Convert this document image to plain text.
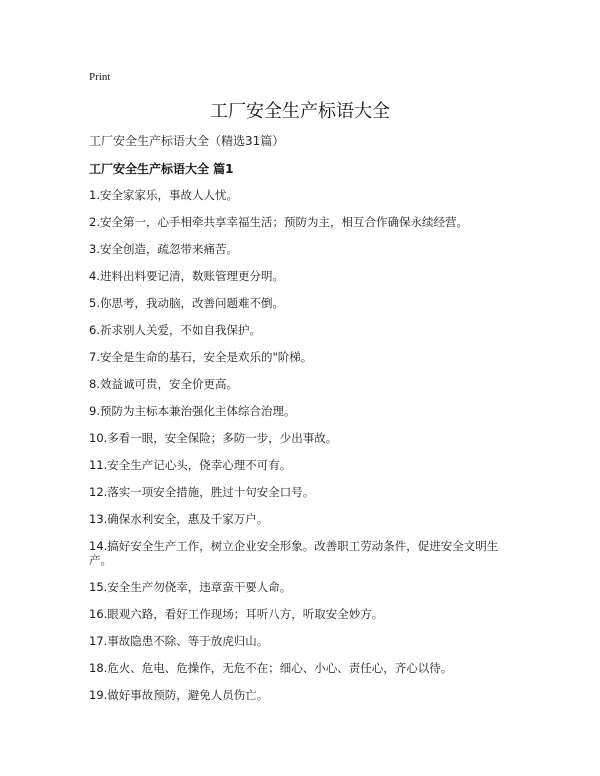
Print
工厂安全生产标语大全
工厂安全生产标语大全（精选31篇）
工厂安全生产标语大全 篇1
1.安全家家乐，事故人人忧。
2.安全第一，心手相牵共享幸福生活；预防为主，相互合作确保永续经营。
3.安全创造，疏忽带来痛苦。
4.进料出料要记清，数账管理更分明。
5.你思考，我动脑，改善问题难不倒。
6.祈求别人关爱，不如自我保护。
7.安全是生命的基石，安全是欢乐的"阶梯。
8.效益诚可贵，安全价更高。
9.预防为主标本兼治强化主体综合治理。
10.多看一眼，安全保险；多防一步，少出事故。
11.安全生产记心头，侥幸心理不可有。
12.落实一项安全措施，胜过十句安全口号。
13.确保水利安全，惠及千家万户。
14.搞好安全生产工作，树立企业安全形象。改善职工劳动条件，促进安全文明生产。
15.安全生产勿侥幸，违章蛮干要人命。
16.眼观六路，看好工作现场；耳听八方，听取安全妙方。
17.事故隐患不除、等于放虎归山。
18.危火、危电、危操作，无危不在；细心、小心、责任心，齐心以待。
19.做好事故预防，避免人员伤亡。
